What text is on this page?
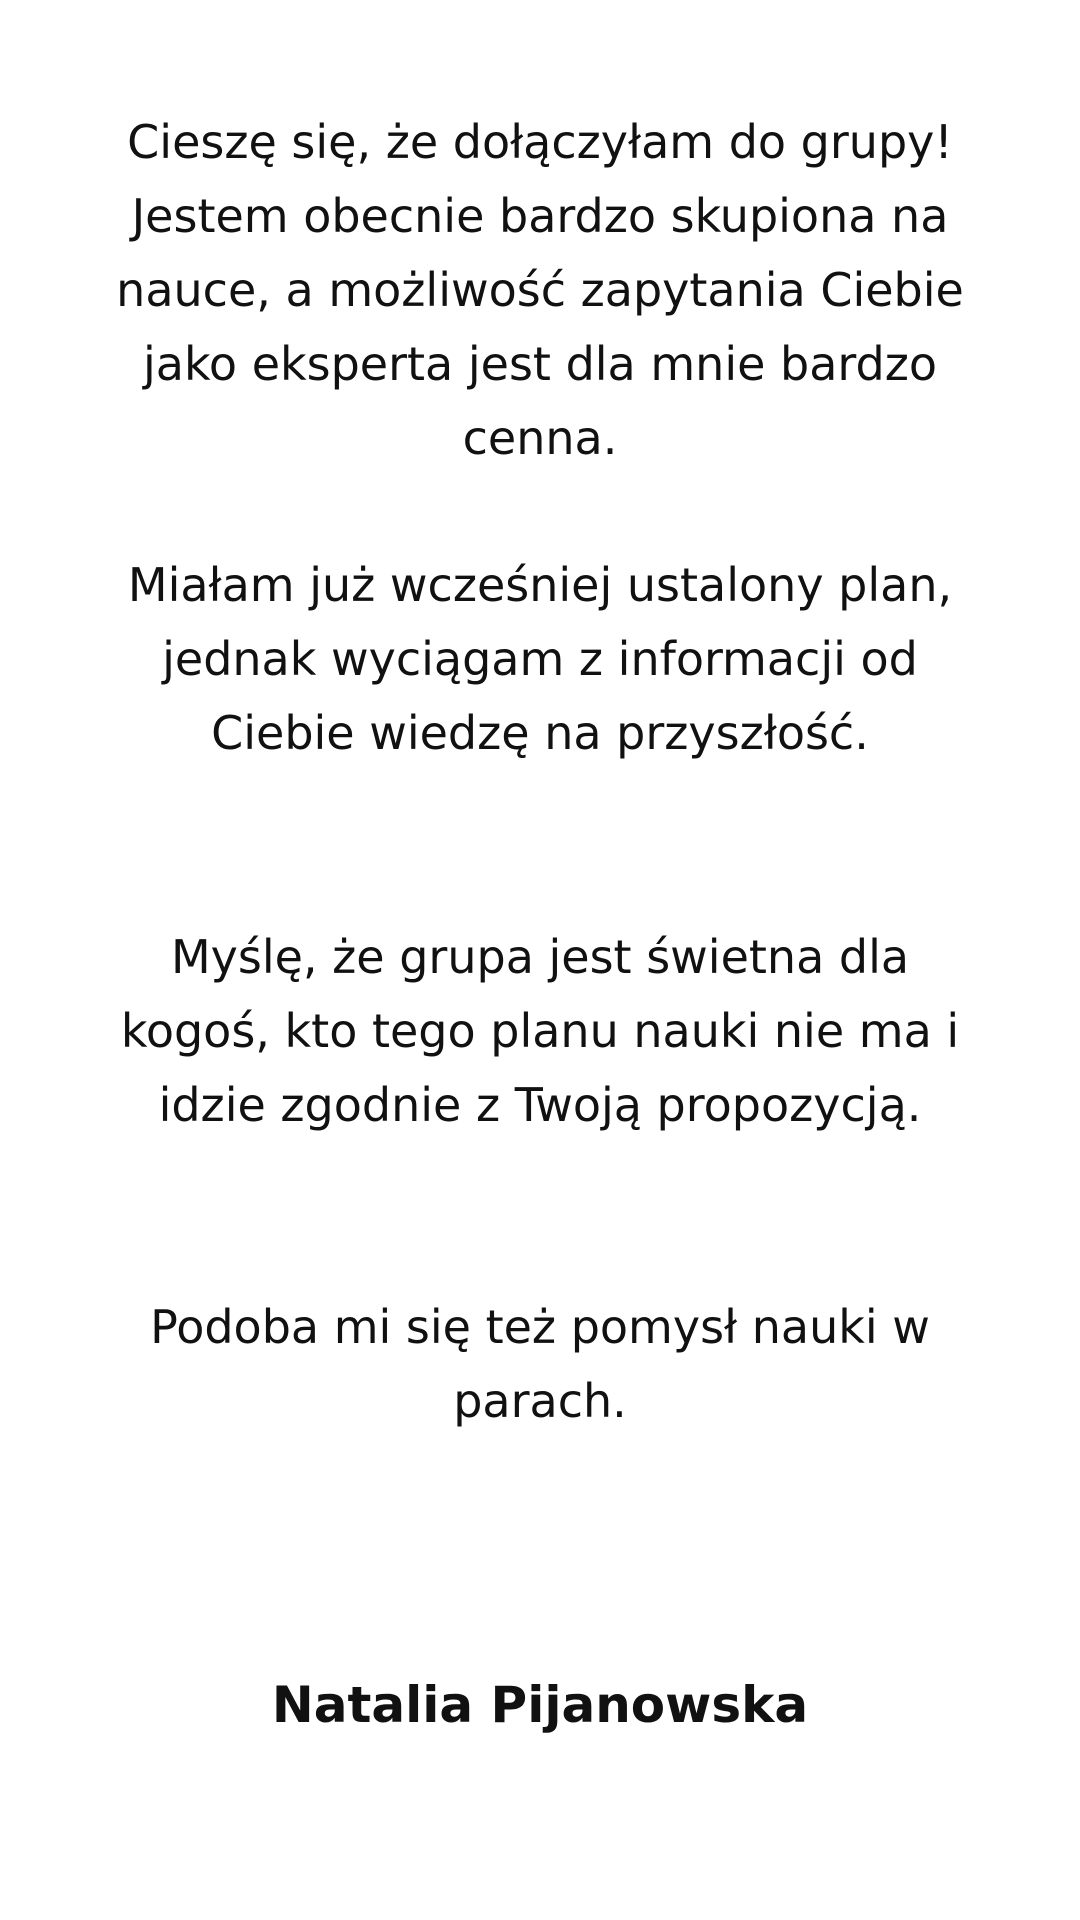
Cieszę się, że dołączyłam do grupy! Jestem obecnie bardzo skupiona na nauce, a możliwość zapytania Ciebie jako eksperta jest dla mnie bardzo cenna.

Miałam już wcześniej ustalony plan, jednak wyciągam z informacji od Ciebie wiedzę na przyszłość.

Myślę, że grupa jest świetna dla kogoś, kto tego planu nauki nie ma i idzie zgodnie z Twoją propozycją.

Podoba mi się też pomysł nauki w parach.

Natalia Pijanowska
